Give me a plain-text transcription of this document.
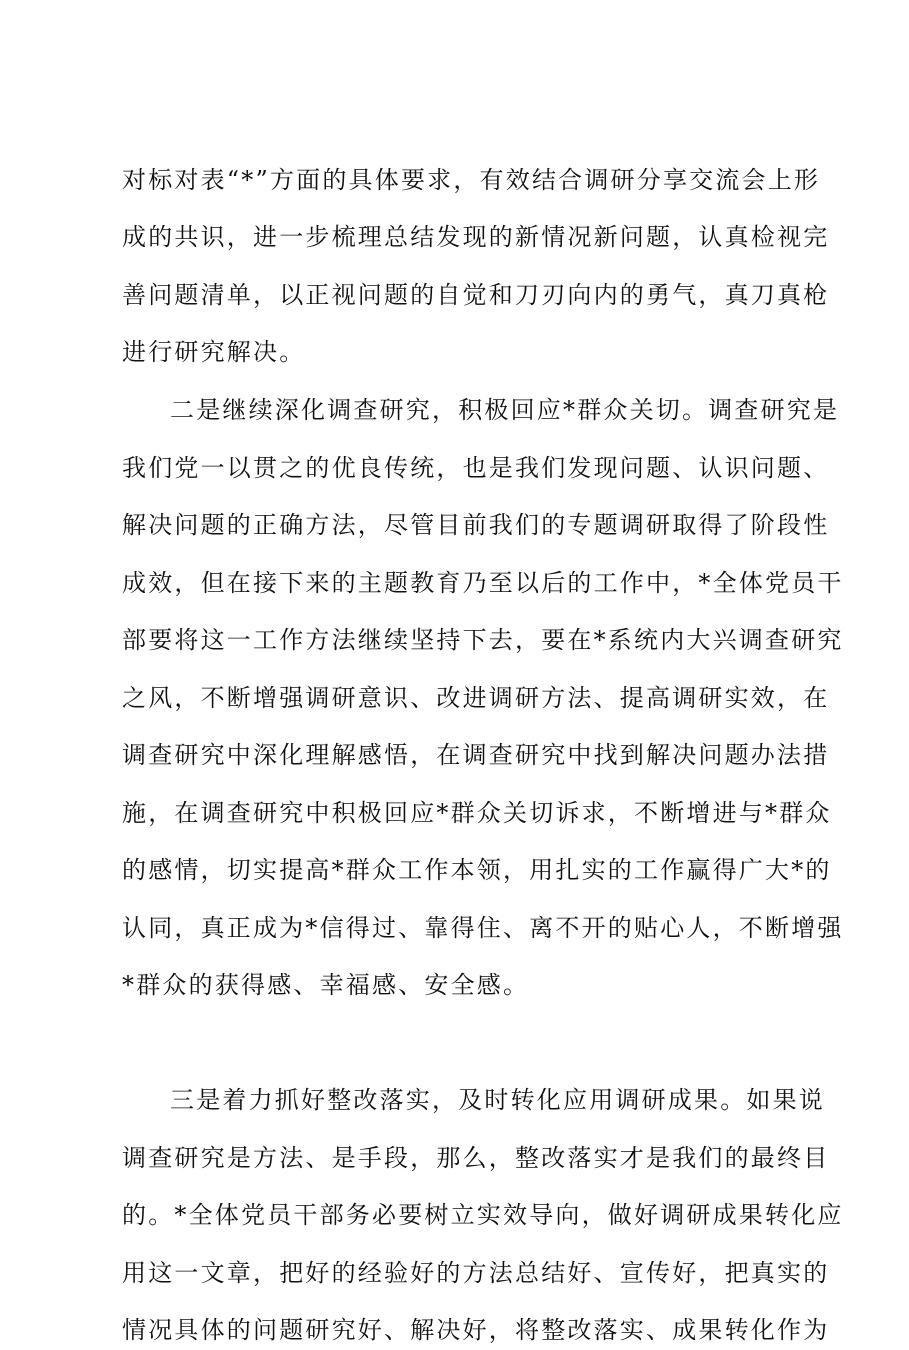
对标对表“*”方面的具体要求，有效结合调研分享交流会上形
成的共识，进一步梳理总结发现的新情况新问题，认真检视完
善问题清单，以正视问题的自觉和刀刃向内的勇气，真刀真枪
进行研究解决。
二是继续深化调查研究，积极回应*群众关切。调查研究是
我们党一以贯之的优良传统，也是我们发现问题、认识问题、
解决问题的正确方法，尽管目前我们的专题调研取得了阶段性
成效，但在接下来的主题教育乃至以后的工作中，*全体党员干
部要将这一工作方法继续坚持下去，要在*系统内大兴调查研究
之风，不断增强调研意识、改进调研方法、提高调研实效，在
调查研究中深化理解感悟，在调查研究中找到解决问题办法措
施，在调查研究中积极回应*群众关切诉求，不断增进与*群众
的感情，切实提高*群众工作本领，用扎实的工作赢得广大*的
认同，真正成为*信得过、靠得住、离不开的贴心人，不断增强
*群众的获得感、幸福感、安全感。
三是着力抓好整改落实，及时转化应用调研成果。如果说
调查研究是方法、是手段，那么，整改落实才是我们的最终目
的。*全体党员干部务必要树立实效导向，做好调研成果转化应
用这一文章，把好的经验好的方法总结好、宣传好，把真实的
情况具体的问题研究好、解决好，将整改落实、成果转化作为
